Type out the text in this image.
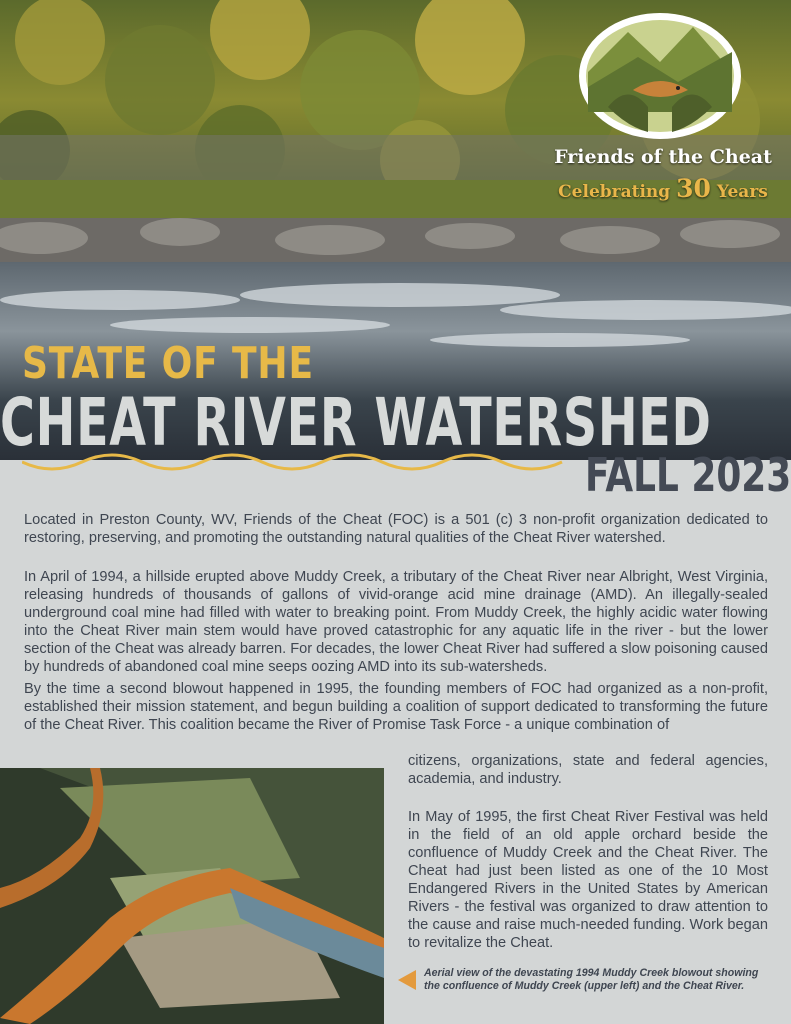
Friends of the Cheat
Celebrating 30 Years
STATE OF THE
CHEAT RIVER WATERSHED
FALL 2023
Located in Preston County, WV, Friends of the Cheat (FOC) is a 501 (c) 3 non-profit organization dedicated to restoring, preserving, and promoting the outstanding natural qualities of the Cheat River watershed.
In April of 1994, a hillside erupted above Muddy Creek, a tributary of the Cheat River near Albright, West Virginia, releasing hundreds of thousands of gallons of vivid-orange acid mine drainage (AMD). An illegally-sealed underground coal mine had filled with water to breaking point. From Muddy Creek, the highly acidic water flowing into the Cheat River main stem would have proved catastrophic for any aquatic life in the river - but the lower section of the Cheat was already barren. For decades, the lower Cheat River had suffered a slow poisoning caused by hundreds of abandoned coal mine seeps oozing AMD into its sub-watersheds.
By the time a second blowout happened in 1995, the founding members of FOC had organized as a non-profit, established their mission statement, and begun building a coalition of support dedicated to transforming the future of the Cheat River. This coalition became the River of Promise Task Force - a unique combination of
citizens, organizations, state and federal agencies, academia, and industry.
In May of 1995, the first Cheat River Festival was held in the field of an old apple orchard beside the confluence of Muddy Creek and the Cheat River. The Cheat had just been listed as one of the 10 Most Endangered Rivers in the United States by American Rivers - the festival was organized to draw attention to the cause and raise much-needed funding. Work began to revitalize the Cheat.
Aerial view of the devastating 1994 Muddy Creek blowout showing the confluence of Muddy Creek (upper left) and the Cheat River.
